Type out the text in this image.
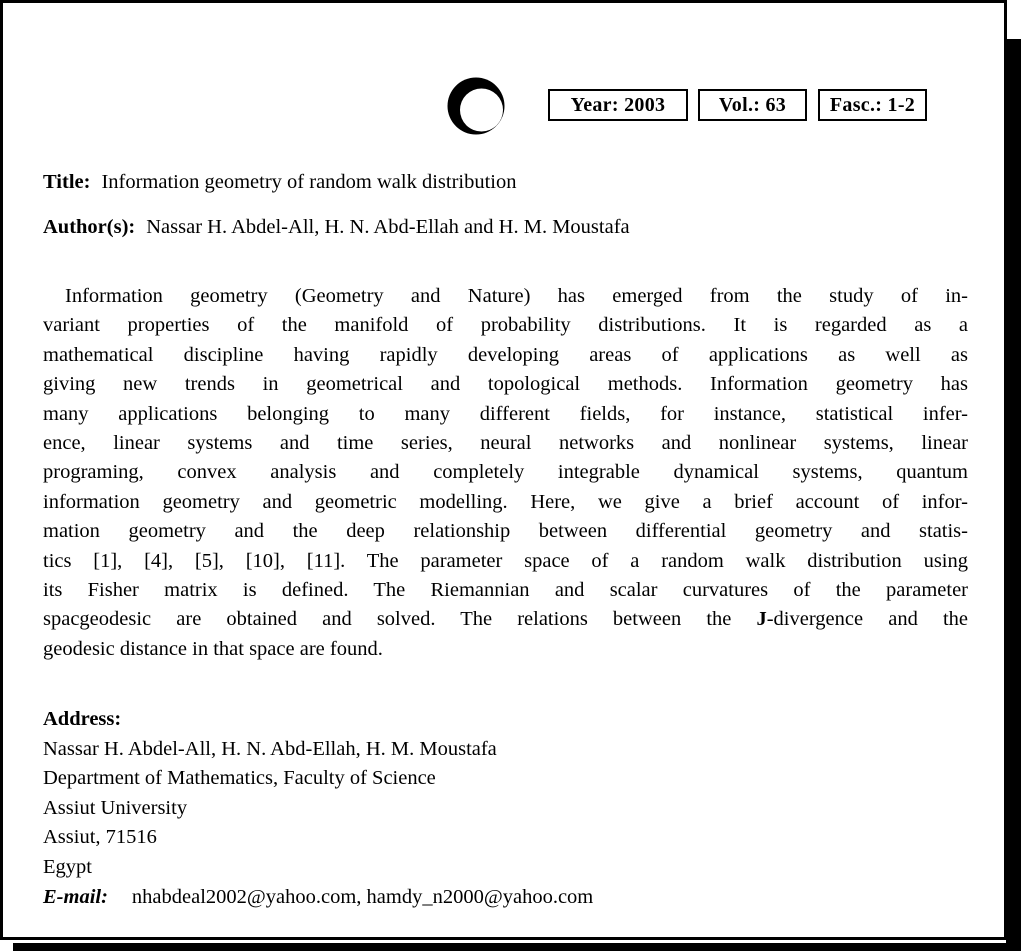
Year: 2003	Vol.: 63	Fasc.: 1-2
Title: Information geometry of random walk distribution
Author(s): Nassar H. Abdel-All, H. N. Abd-Ellah and H. M. Moustafa
Information geometry (Geometry and Nature) has emerged from the study of in-
variant properties of the manifold of probability distributions. It is regarded as a
mathematical discipline having rapidly developing areas of applications as well as
giving new trends in geometrical and topological methods. Information geometry has
many applications belonging to many different fields, for instance, statistical infer-
ence, linear systems and time series, neural networks and nonlinear systems, linear
programing, convex analysis and completely integrable dynamical systems, quantum
information geometry and geometric modelling. Here, we give a brief account of infor-
mation geometry and the deep relationship between differential geometry and statis-
tics [1], [4], [5], [10], [11]. The parameter space of a random walk distribution using
its Fisher matrix is defined. The Riemannian and scalar curvatures of the parameter
spacgeodesic are obtained and solved. The relations between the J-divergence and the
geodesic distance in that space are found.
Address:
Nassar H. Abdel-All, H. N. Abd-Ellah, H. M. Moustafa
Department of Mathematics, Faculty of Science
Assiut University
Assiut, 71516
Egypt
E-mail: nhabdeal2002@yahoo.com, hamdy_n2000@yahoo.com
